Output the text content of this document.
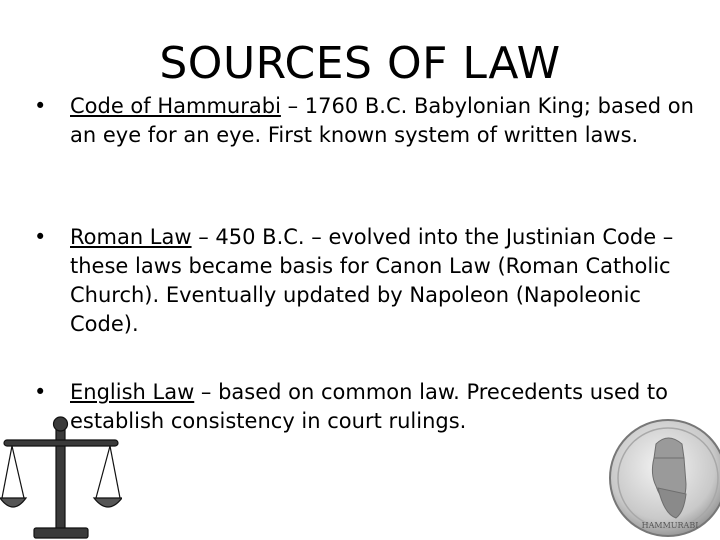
SOURCES OF LAW

• Code of Hammurabi – 1760 B.C. Babylonian King; based on an eye for an eye. First known system of written laws.

• Roman Law – 450 B.C. – evolved into the Justinian Code – these laws became basis for Canon Law (Roman Catholic Church). Eventually updated by Napoleon (Napoleonic Code).

• English Law – based on common law. Precedents used to establish consistency in court rulings.

HAMMURABI
